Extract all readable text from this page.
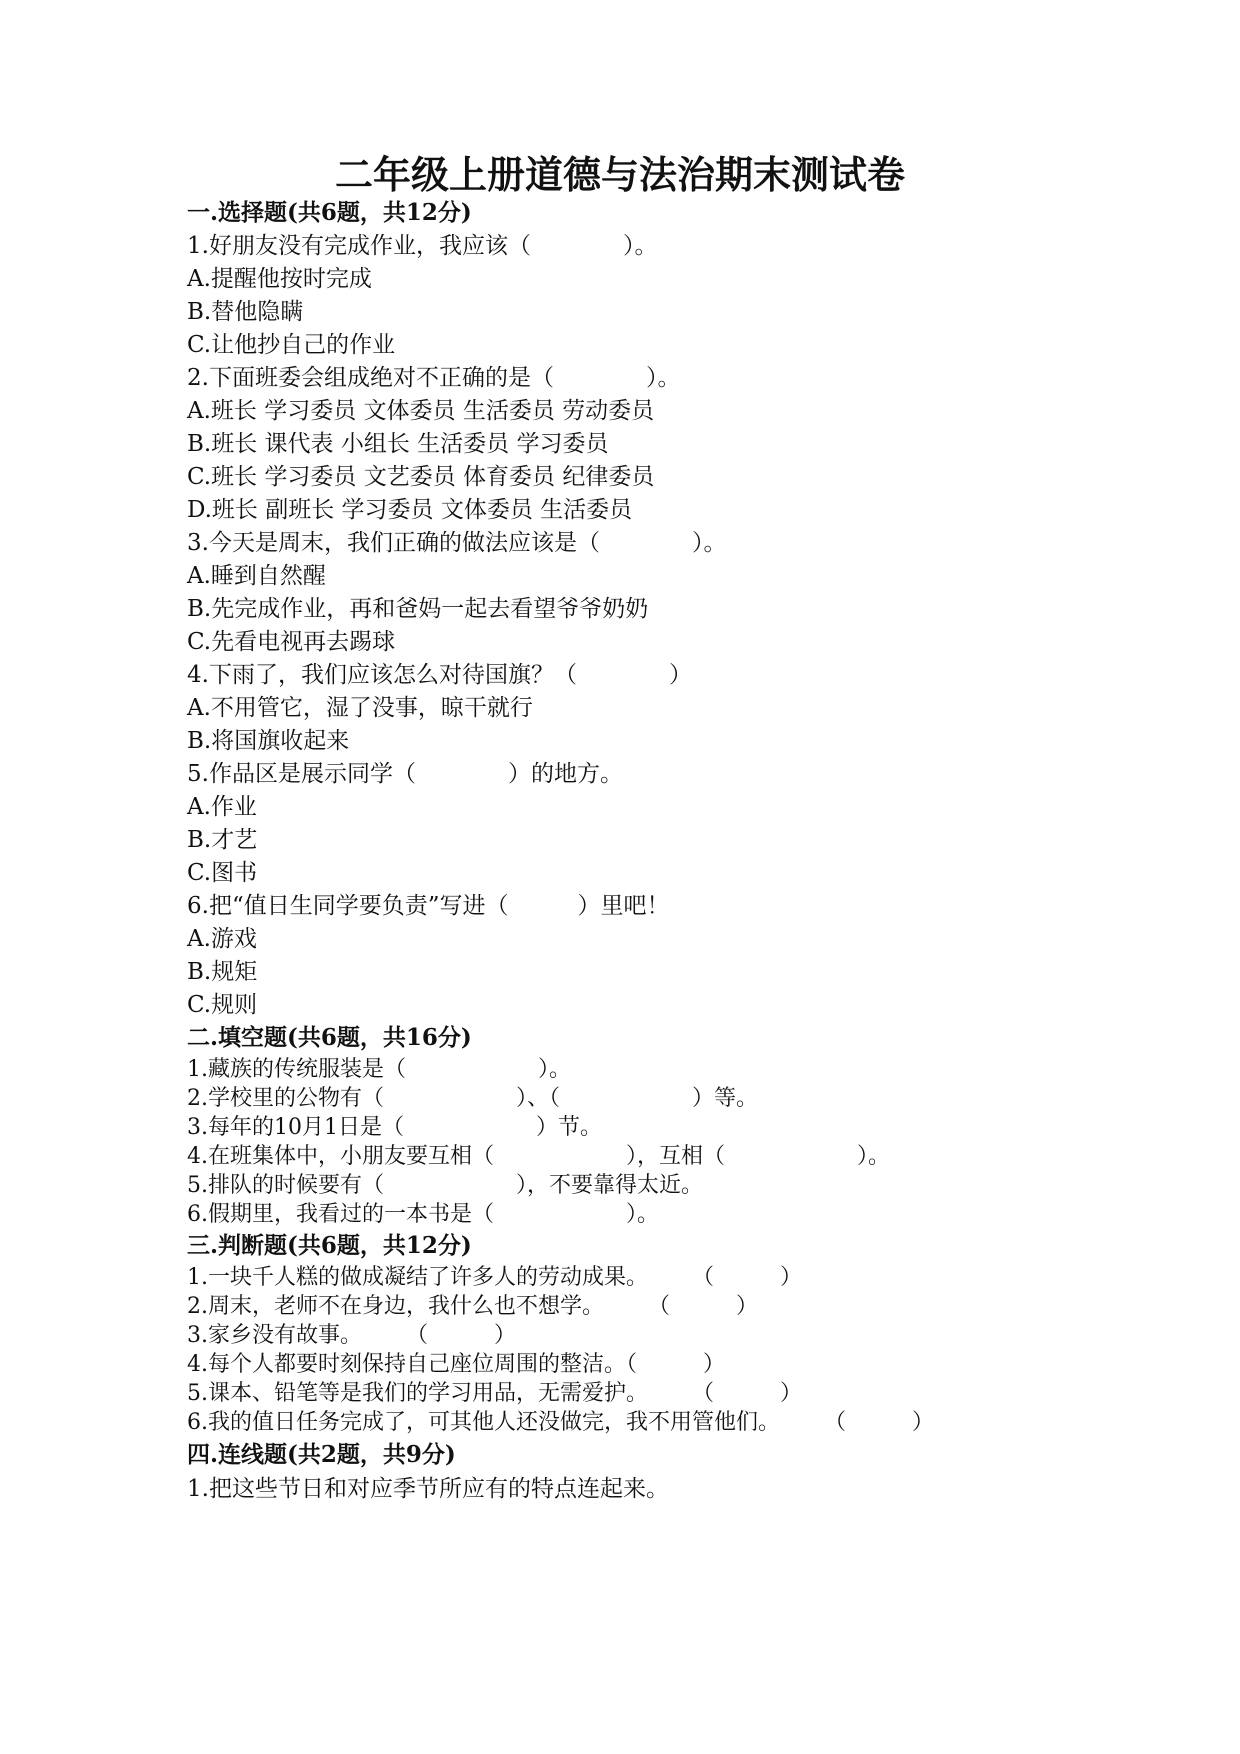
二年级上册道德与法治期末测试卷
一.选择题(共6题，共12分)
1.好朋友没有完成作业，我应该（　　　　）。
A.提醒他按时完成
B.替他隐瞒
C.让他抄自己的作业
2.下面班委会组成绝对不正确的是（　　　　）。
A.班长 学习委员 文体委员 生活委员 劳动委员
B.班长 课代表 小组长 生活委员 学习委员
C.班长 学习委员 文艺委员 体育委员 纪律委员
D.班长 副班长 学习委员 文体委员 生活委员
3.今天是周末，我们正确的做法应该是（　　　　）。
A.睡到自然醒
B.先完成作业，再和爸妈一起去看望爷爷奶奶
C.先看电视再去踢球
4.下雨了，我们应该怎么对待国旗？（　　　　）
A.不用管它，湿了没事，晾干就行
B.将国旗收起来
5.作品区是展示同学（　　　　）的地方。
A.作业
B.才艺
C.图书
6.把“值日生同学要负责”写进（　　　）里吧！
A.游戏
B.规矩
C.规则
二.填空题(共6题，共16分)
1.藏族的传统服装是（　　　　　　）。
2.学校里的公物有（　　　　　　）、（　　　　　　）等。
3.每年的10月1日是（　　　　　　）节。
4.在班集体中，小朋友要互相（　　　　　　），互相（　　　　　　）。
5.排队的时候要有（　　　　　　），不要靠得太近。
6.假期里，我看过的一本书是（　　　　　　）。
三.判断题(共6题，共12分)
1.一块千人糕的做成凝结了许多人的劳动成果。　　　（　　　）
2.周末，老师不在身边，我什么也不想学。　　　（　　　）
3.家乡没有故事。　　　（　　　）
4.每个人都要时刻保持自己座位周围的整洁。（　　　）
5.课本、铅笔等是我们的学习用品，无需爱护。　　　（　　　）
6.我的值日任务完成了，可其他人还没做完，我不用管他们。　　　（　　　）
四.连线题(共2题，共9分)
1.把这些节日和对应季节所应有的特点连起来。
